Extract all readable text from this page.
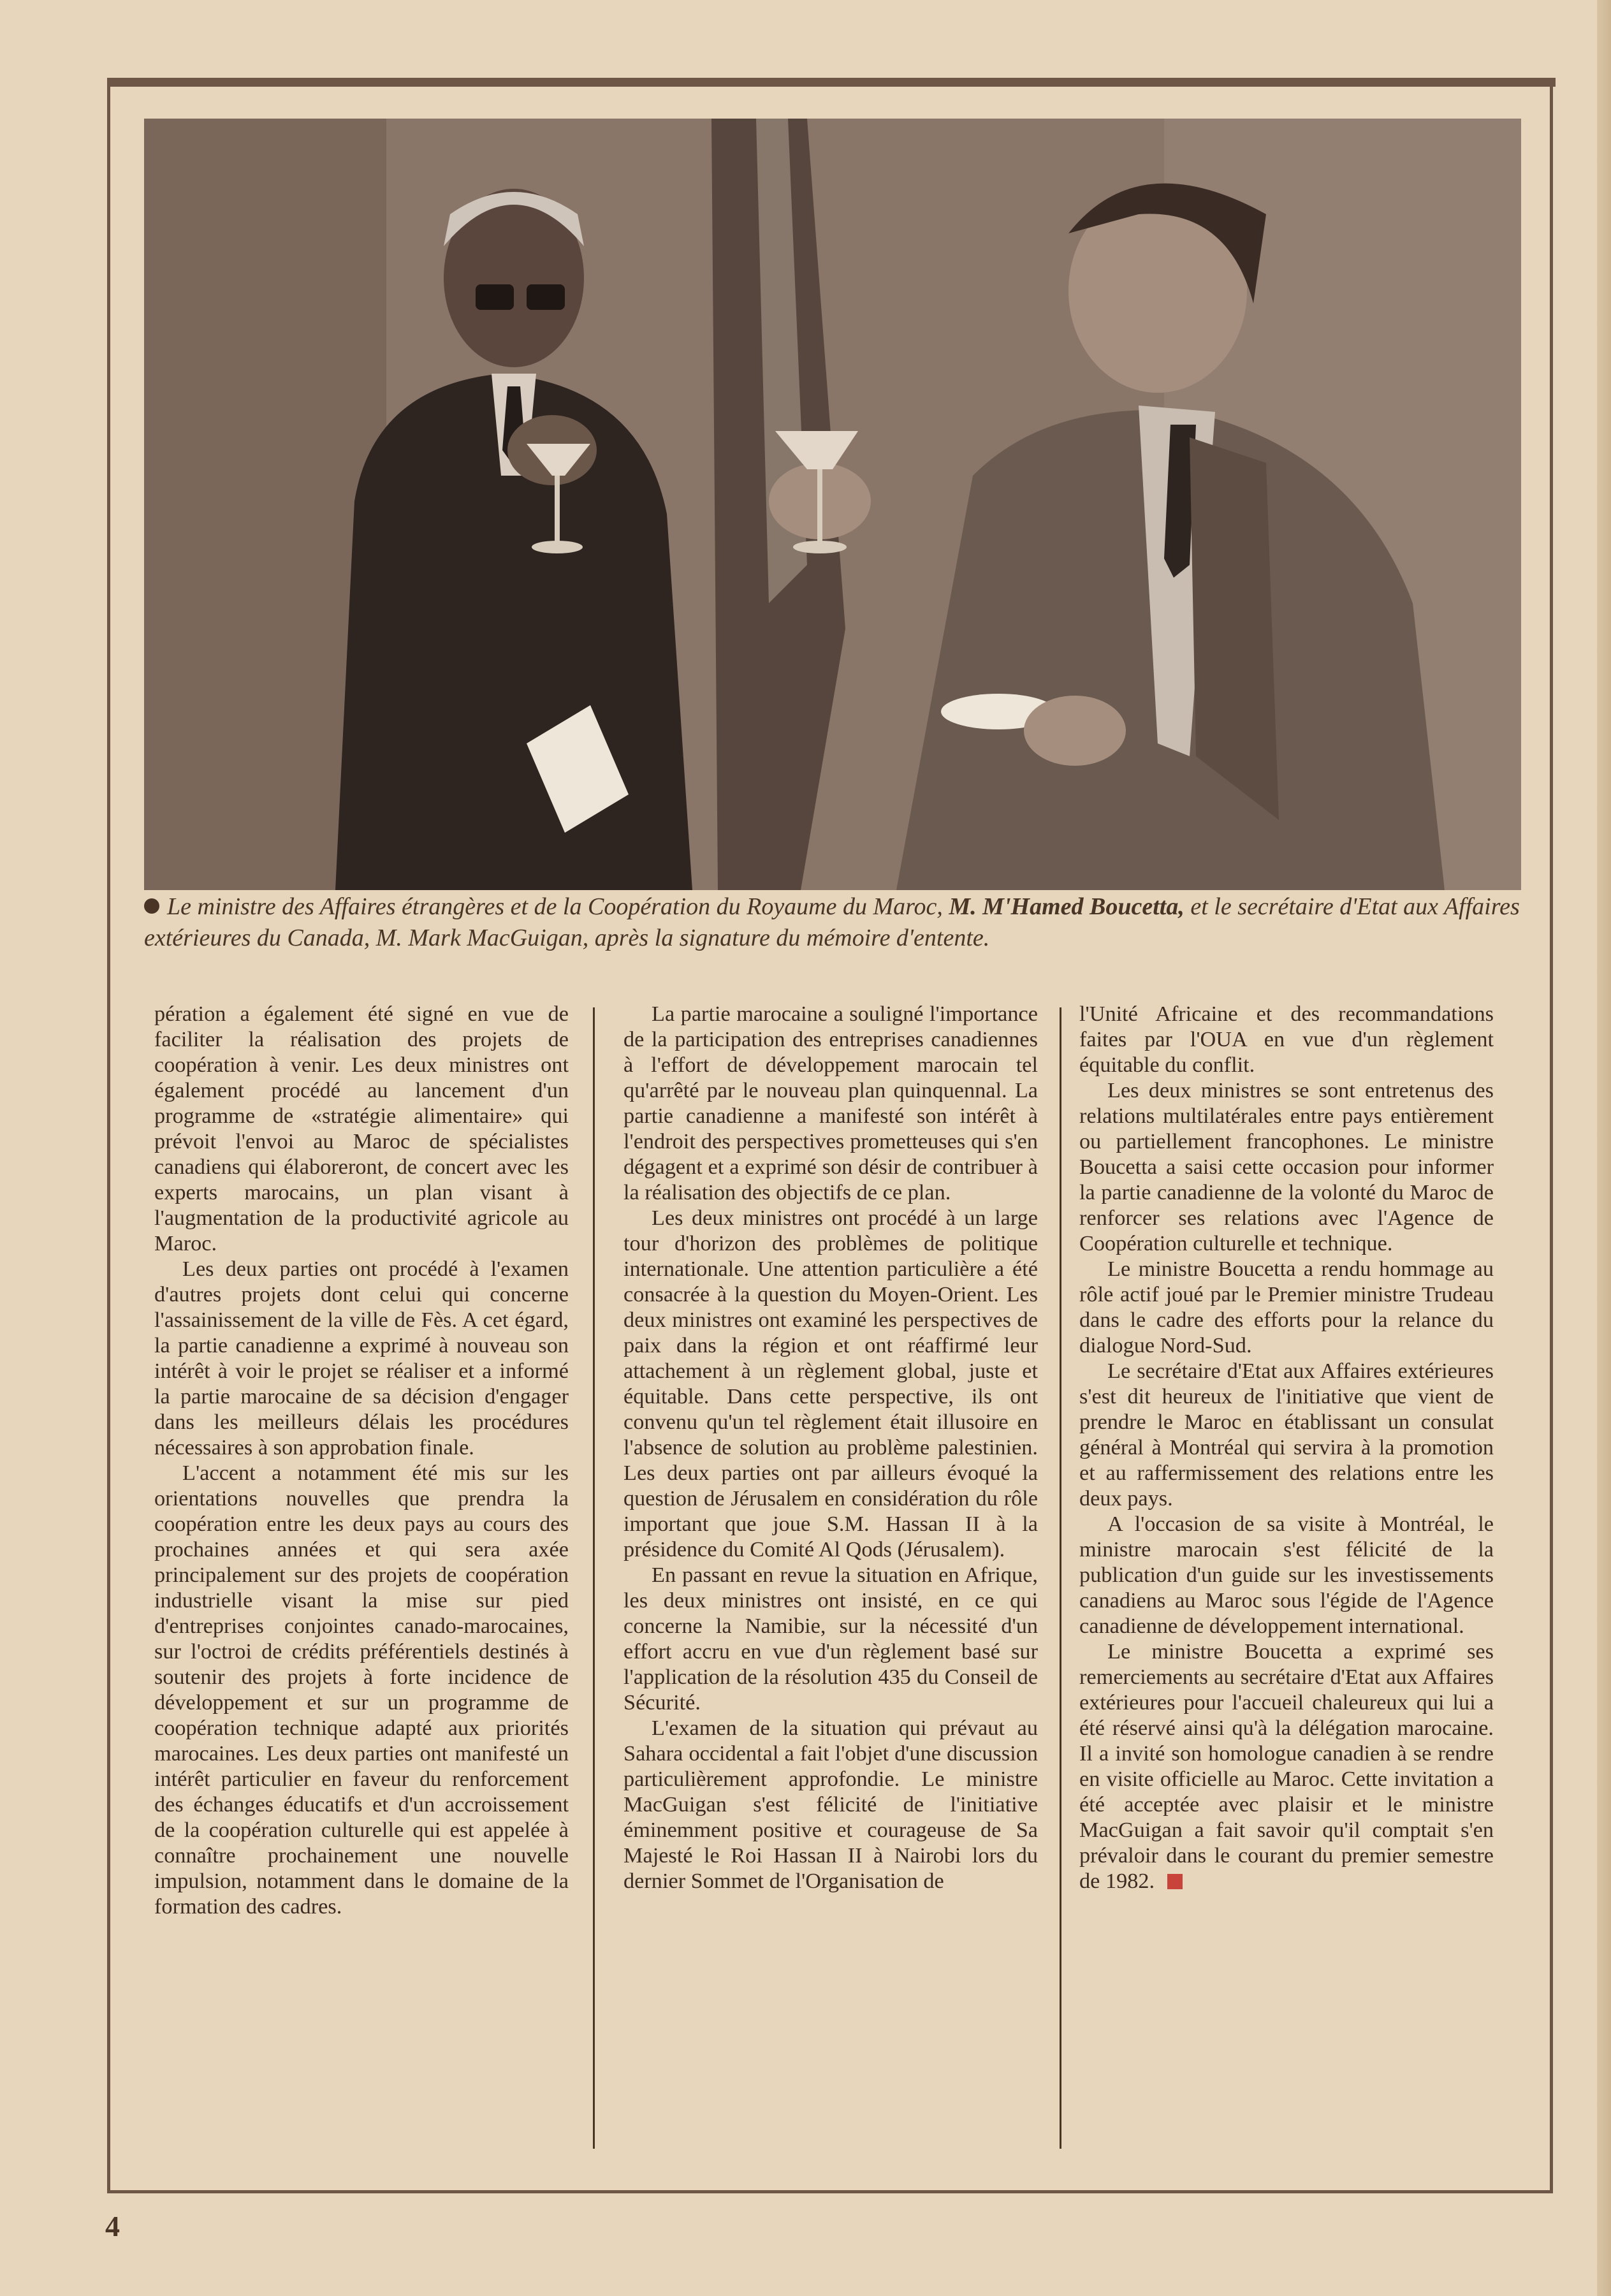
Le ministre des Affaires étrangères et de la Coopération du Royaume du Maroc, M. M'Hamed Boucetta, et le secrétaire d'Etat aux Affaires extérieures du Canada, M. Mark MacGuigan, après la signature du mémoire d'entente.

pération a également été signé en vue de faciliter la réalisation des projets de coopération à venir. Les deux ministres ont également procédé au lancement d'un programme de «stratégie alimentaire» qui prévoit l'envoi au Maroc de spécialistes canadiens qui élaboreront, de concert avec les experts marocains, un plan visant à l'augmentation de la productivité agricole au Maroc.

Les deux parties ont procédé à l'examen d'autres projets dont celui qui concerne l'assainissement de la ville de Fès. A cet égard, la partie canadienne a exprimé à nouveau son intérêt à voir le projet se réaliser et a informé la partie marocaine de sa décision d'engager dans les meilleurs délais les procédures nécessaires à son approbation finale.

L'accent a notamment été mis sur les orientations nouvelles que prendra la coopération entre les deux pays au cours des prochaines années et qui sera axée principalement sur des projets de coopération industrielle visant la mise sur pied d'entreprises conjointes canado-marocaines, sur l'octroi de crédits préférentiels destinés à soutenir des projets à forte incidence de développement et sur un programme de coopération technique adapté aux priorités marocaines. Les deux parties ont manifesté un intérêt particulier en faveur du renforcement des échanges éducatifs et d'un accroissement de la coopération culturelle qui est appelée à connaître prochainement une nouvelle impulsion, notamment dans le domaine de la formation des cadres.

La partie marocaine a souligné l'importance de la participation des entreprises canadiennes à l'effort de développement marocain tel qu'arrêté par le nouveau plan quinquennal. La partie canadienne a manifesté son intérêt à l'endroit des perspectives prometteuses qui s'en dégagent et a exprimé son désir de contribuer à la réalisation des objectifs de ce plan.

Les deux ministres ont procédé à un large tour d'horizon des problèmes de politique internationale. Une attention particulière a été consacrée à la question du Moyen-Orient. Les deux ministres ont examiné les perspectives de paix dans la région et ont réaffirmé leur attachement à un règlement global, juste et équitable. Dans cette perspective, ils ont convenu qu'un tel règlement était illusoire en l'absence de solution au problème palestinien. Les deux parties ont par ailleurs évoqué la question de Jérusalem en considération du rôle important que joue S.M. Hassan II à la présidence du Comité Al Qods (Jérusalem).

En passant en revue la situation en Afrique, les deux ministres ont insisté, en ce qui concerne la Namibie, sur la nécessité d'un effort accru en vue d'un règlement basé sur l'application de la résolution 435 du Conseil de Sécurité.

L'examen de la situation qui prévaut au Sahara occidental a fait l'objet d'une discussion particulièrement approfondie. Le ministre MacGuigan s'est félicité de l'initiative éminemment positive et courageuse de Sa Majesté le Roi Hassan II à Nairobi lors du dernier Sommet de l'Organisation de

l'Unité Africaine et des recommandations faites par l'OUA en vue d'un règlement équitable du conflit.

Les deux ministres se sont entretenus des relations multilatérales entre pays entièrement ou partiellement francophones. Le ministre Boucetta a saisi cette occasion pour informer la partie canadienne de la volonté du Maroc de renforcer ses relations avec l'Agence de Coopération culturelle et technique.

Le ministre Boucetta a rendu hommage au rôle actif joué par le Premier ministre Trudeau dans le cadre des efforts pour la relance du dialogue Nord-Sud.

Le secrétaire d'Etat aux Affaires extérieures s'est dit heureux de l'initiative que vient de prendre le Maroc en établissant un consulat général à Montréal qui servira à la promotion et au raffermissement des relations entre les deux pays.

A l'occasion de sa visite à Montréal, le ministre marocain s'est félicité de la publication d'un guide sur les investissements canadiens au Maroc sous l'égide de l'Agence canadienne de développement international.

Le ministre Boucetta a exprimé ses remerciements au secrétaire d'Etat aux Affaires extérieures pour l'accueil chaleureux qui lui a été réservé ainsi qu'à la délégation marocaine. Il a invité son homologue canadien à se rendre en visite officielle au Maroc. Cette invitation a été acceptée avec plaisir et le ministre MacGuigan a fait savoir qu'il comptait s'en prévaloir dans le courant du premier semestre de 1982.

4
